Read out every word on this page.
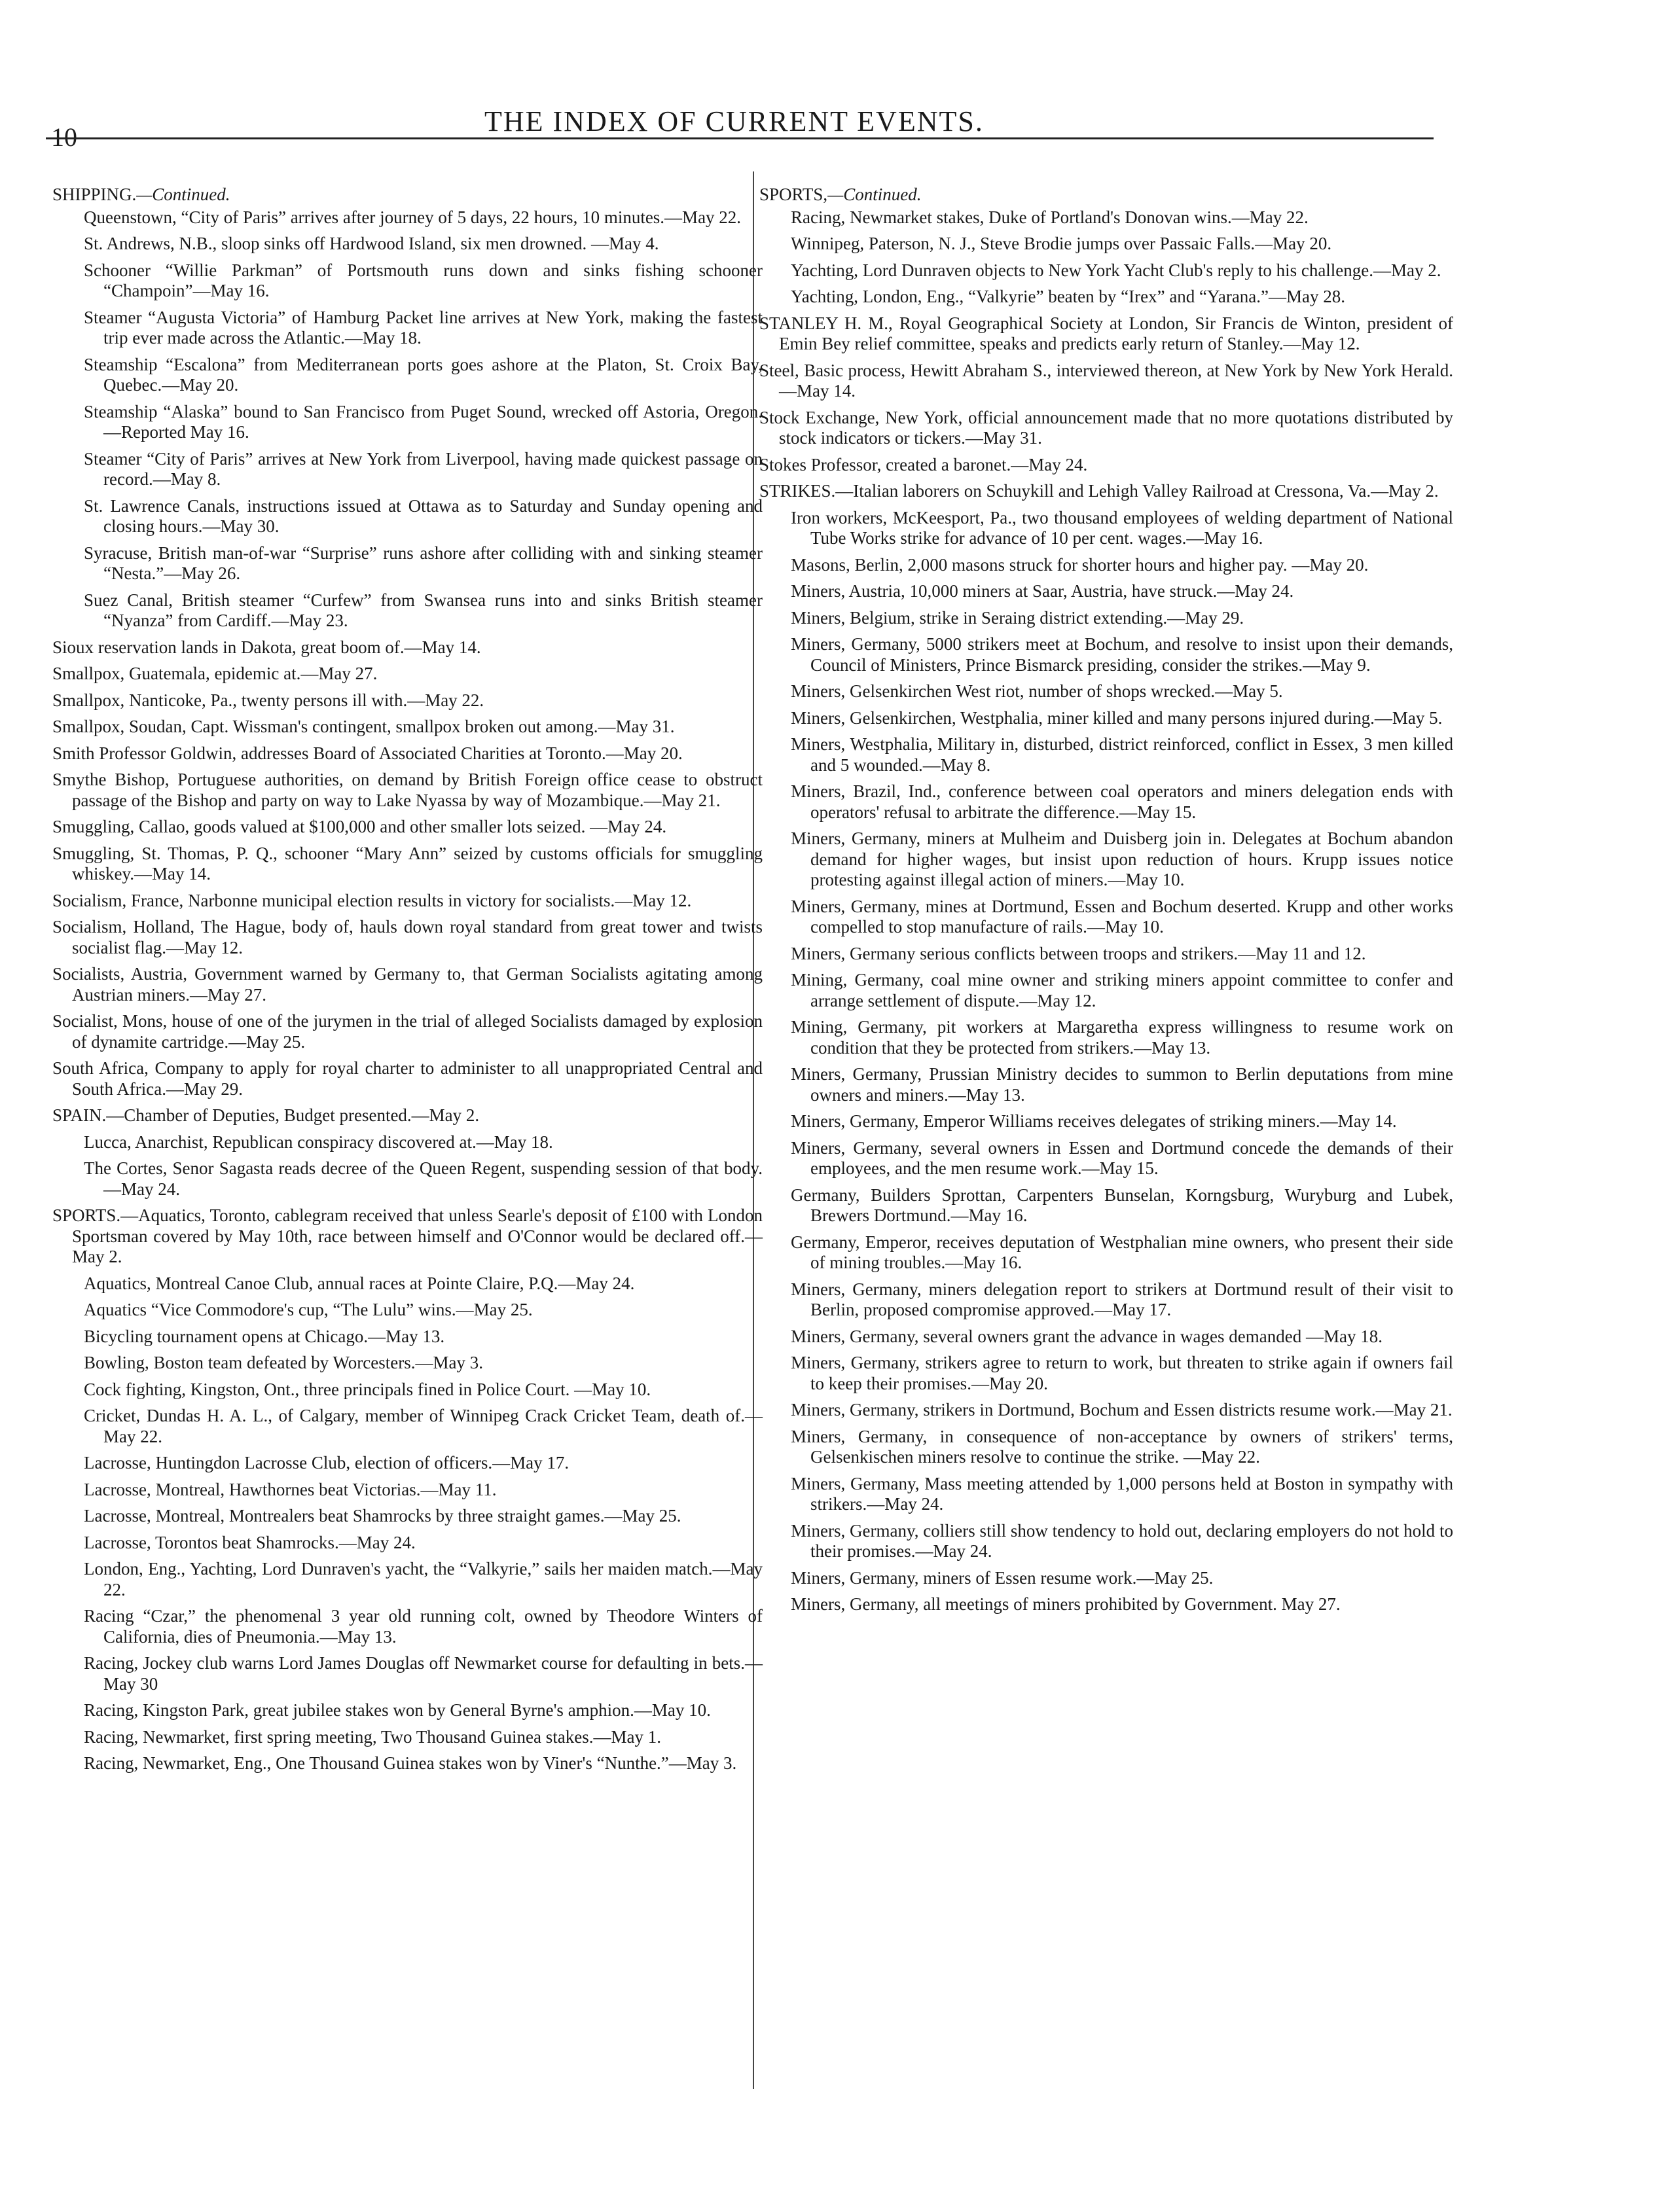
10	THE INDEX OF CURRENT EVENTS.
SHIPPING.—Continued.

Queenstown, “City of Paris” arrives after journey of 5 days, 22 hours, 10 minutes.—May 22.

St. Andrews, N.B., sloop sinks off Hardwood Island, six men drowned. —May 4.

Schooner “Willie Parkman” of Portsmouth runs down and sinks fishing schooner “Champoin”—May 16.

Steamer “Augusta Victoria” of Hamburg Packet line arrives at New York, making the fastest trip ever made across the Atlantic.—May 18.

Steamship “Escalona” from Mediterranean ports goes ashore at the Platon, St. Croix Bay, Quebec.—May 20.

Steamship “Alaska” bound to San Francisco from Puget Sound, wrecked off Astoria, Oregon.—Reported May 16.

Steamer “City of Paris” arrives at New York from Liverpool, having made quickest passage on record.—May 8.

St. Lawrence Canals, instructions issued at Ottawa as to Saturday and Sunday opening and closing hours.—May 30.

Syracuse, British man-of-war “Surprise” runs ashore after colliding with and sinking steamer “Nesta.”—May 26.

Suez Canal, British steamer “Curfew” from Swansea runs into and sinks British steamer “Nyanza” from Cardiff.—May 23.

Sioux reservation lands in Dakota, great boom of.—May 14.

Smallpox, Guatemala, epidemic at.—May 27.

Smallpox, Nanticoke, Pa., twenty persons ill with.—May 22.

Smallpox, Soudan, Capt. Wissman's contingent, smallpox broken out among.—May 31.

Smith Professor Goldwin, addresses Board of Associated Charities at Toronto.—May 20.

Smythe Bishop, Portuguese authorities, on demand by British Foreign office cease to obstruct passage of the Bishop and party on way to Lake Nyassa by way of Mozambique.—May 21.

Smuggling, Callao, goods valued at $100,000 and other smaller lots seized. —May 24.

Smuggling, St. Thomas, P. Q., schooner “Mary Ann” seized by customs officials for smuggling whiskey.—May 14.

Socialism, France, Narbonne municipal election results in victory for socialists.—May 12.

Socialism, Holland, The Hague, body of, hauls down royal standard from great tower and twists socialist flag.—May 12.

Socialists, Austria, Government warned by Germany to, that German Socialists agitating among Austrian miners.—May 27.

Socialist, Mons, house of one of the jurymen in the trial of alleged Socialists damaged by explosion of dynamite cartridge.—May 25.

South Africa, Company to apply for royal charter to administer to all unappropriated Central and South Africa.—May 29.

SPAIN.—Chamber of Deputies, Budget presented.—May 2.

Lucca, Anarchist, Republican conspiracy discovered at.—May 18.

The Cortes, Senor Sagasta reads decree of the Queen Regent, suspending session of that body.—May 24.

SPORTS.—Aquatics, Toronto, cablegram received that unless Searle's deposit of £100 with London Sportsman covered by May 10th, race between himself and O'Connor would be declared off.—May 2.

Aquatics, Montreal Canoe Club, annual races at Pointe Claire, P.Q.—May 24.

Aquatics “Vice Commodore's cup, “The Lulu” wins.—May 25.

Bicycling tournament opens at Chicago.—May 13.

Bowling, Boston team defeated by Worcesters.—May 3.

Cock fighting, Kingston, Ont., three principals fined in Police Court. —May 10.

Cricket, Dundas H. A. L., of Calgary, member of Winnipeg Crack Cricket Team, death of.—May 22.

Lacrosse, Huntingdon Lacrosse Club, election of officers.—May 17.

Lacrosse, Montreal, Hawthornes beat Victorias.—May 11.

Lacrosse, Montreal, Montrealers beat Shamrocks by three straight games.—May 25.

Lacrosse, Torontos beat Shamrocks.—May 24.

London, Eng., Yachting, Lord Dunraven's yacht, the “Valkyrie,” sails her maiden match.—May 22.

Racing “Czar,” the phenomenal 3 year old running colt, owned by Theodore Winters of California, dies of Pneumonia.—May 13.

Racing, Jockey club warns Lord James Douglas off Newmarket course for defaulting in bets.—May 30

Racing, Kingston Park, great jubilee stakes won by General Byrne's amphion.—May 10.

Racing, Newmarket, first spring meeting, Two Thousand Guinea stakes.—May 1.

Racing, Newmarket, Eng., One Thousand Guinea stakes won by Viner's “Nunthe.”—May 3.

SPORTS,—Continued.

Racing, Newmarket stakes, Duke of Portland's Donovan wins.—May 22.

Winnipeg, Paterson, N. J., Steve Brodie jumps over Passaic Falls.—May 20.

Yachting, Lord Dunraven objects to New York Yacht Club's reply to his challenge.—May 2.

Yachting, London, Eng., “Valkyrie” beaten by “Irex” and “Yarana.”—May 28.

STANLEY H. M., Royal Geographical Society at London, Sir Francis de Winton, president of Emin Bey relief committee, speaks and predicts early return of Stanley.—May 12.

Steel, Basic process, Hewitt Abraham S., interviewed thereon, at New York by New York Herald.—May 14.

Stock Exchange, New York, official announcement made that no more quotations distributed by stock indicators or tickers.—May 31.

Stokes Professor, created a baronet.—May 24.

STRIKES.—Italian laborers on Schuykill and Lehigh Valley Railroad at Cressona, Va.—May 2.

Iron workers, McKeesport, Pa., two thousand employees of welding department of National Tube Works strike for advance of 10 per cent. wages.—May 16.

Masons, Berlin, 2,000 masons struck for shorter hours and higher pay. —May 20.

Miners, Austria, 10,000 miners at Saar, Austria, have struck.—May 24.

Miners, Belgium, strike in Seraing district extending.—May 29.

Miners, Germany, 5000 strikers meet at Bochum, and resolve to insist upon their demands, Council of Ministers, Prince Bismarck presiding, consider the strikes.—May 9.

Miners, Gelsenkirchen West riot, number of shops wrecked.—May 5.

Miners, Gelsenkirchen, Westphalia, miner killed and many persons injured during.—May 5.

Miners, Westphalia, Military in, disturbed, district reinforced, conflict in Essex, 3 men killed and 5 wounded.—May 8.

Miners, Brazil, Ind., conference between coal operators and miners delegation ends with operators' refusal to arbitrate the difference.—May 15.

Miners, Germany, miners at Mulheim and Duisberg join in. Delegates at Bochum abandon demand for higher wages, but insist upon reduction of hours. Krupp issues notice protesting against illegal action of miners.—May 10.

Miners, Germany, mines at Dortmund, Essen and Bochum deserted. Krupp and other works compelled to stop manufacture of rails.—May 10.

Miners, Germany serious conflicts between troops and strikers.—May 11 and 12.

Mining, Germany, coal mine owner and striking miners appoint committee to confer and arrange settlement of dispute.—May 12.

Mining, Germany, pit workers at Margaretha express willingness to resume work on condition that they be protected from strikers.—May 13.

Miners, Germany, Prussian Ministry decides to summon to Berlin deputations from mine owners and miners.—May 13.

Miners, Germany, Emperor Williams receives delegates of striking miners.—May 14.

Miners, Germany, several owners in Essen and Dortmund concede the demands of their employees, and the men resume work.—May 15.

Germany, Builders Sprottan, Carpenters Bunselan, Korngsburg, Wuryburg and Lubek, Brewers Dortmund.—May 16.

Germany, Emperor, receives deputation of Westphalian mine owners, who present their side of mining troubles.—May 16.

Miners, Germany, miners delegation report to strikers at Dortmund result of their visit to Berlin, proposed compromise approved.—May 17.

Miners, Germany, several owners grant the advance in wages demanded —May 18.

Miners, Germany, strikers agree to return to work, but threaten to strike again if owners fail to keep their promises.—May 20.

Miners, Germany, strikers in Dortmund, Bochum and Essen districts resume work.—May 21.

Miners, Germany, in consequence of non-acceptance by owners of strikers' terms, Gelsenkischen miners resolve to continue the strike. —May 22.

Miners, Germany, Mass meeting attended by 1,000 persons held at Boston in sympathy with strikers.—May 24.

Miners, Germany, colliers still show tendency to hold out, declaring employers do not hold to their promises.—May 24.

Miners, Germany, miners of Essen resume work.—May 25.

Miners, Germany, all meetings of miners prohibited by Government. May 27.
